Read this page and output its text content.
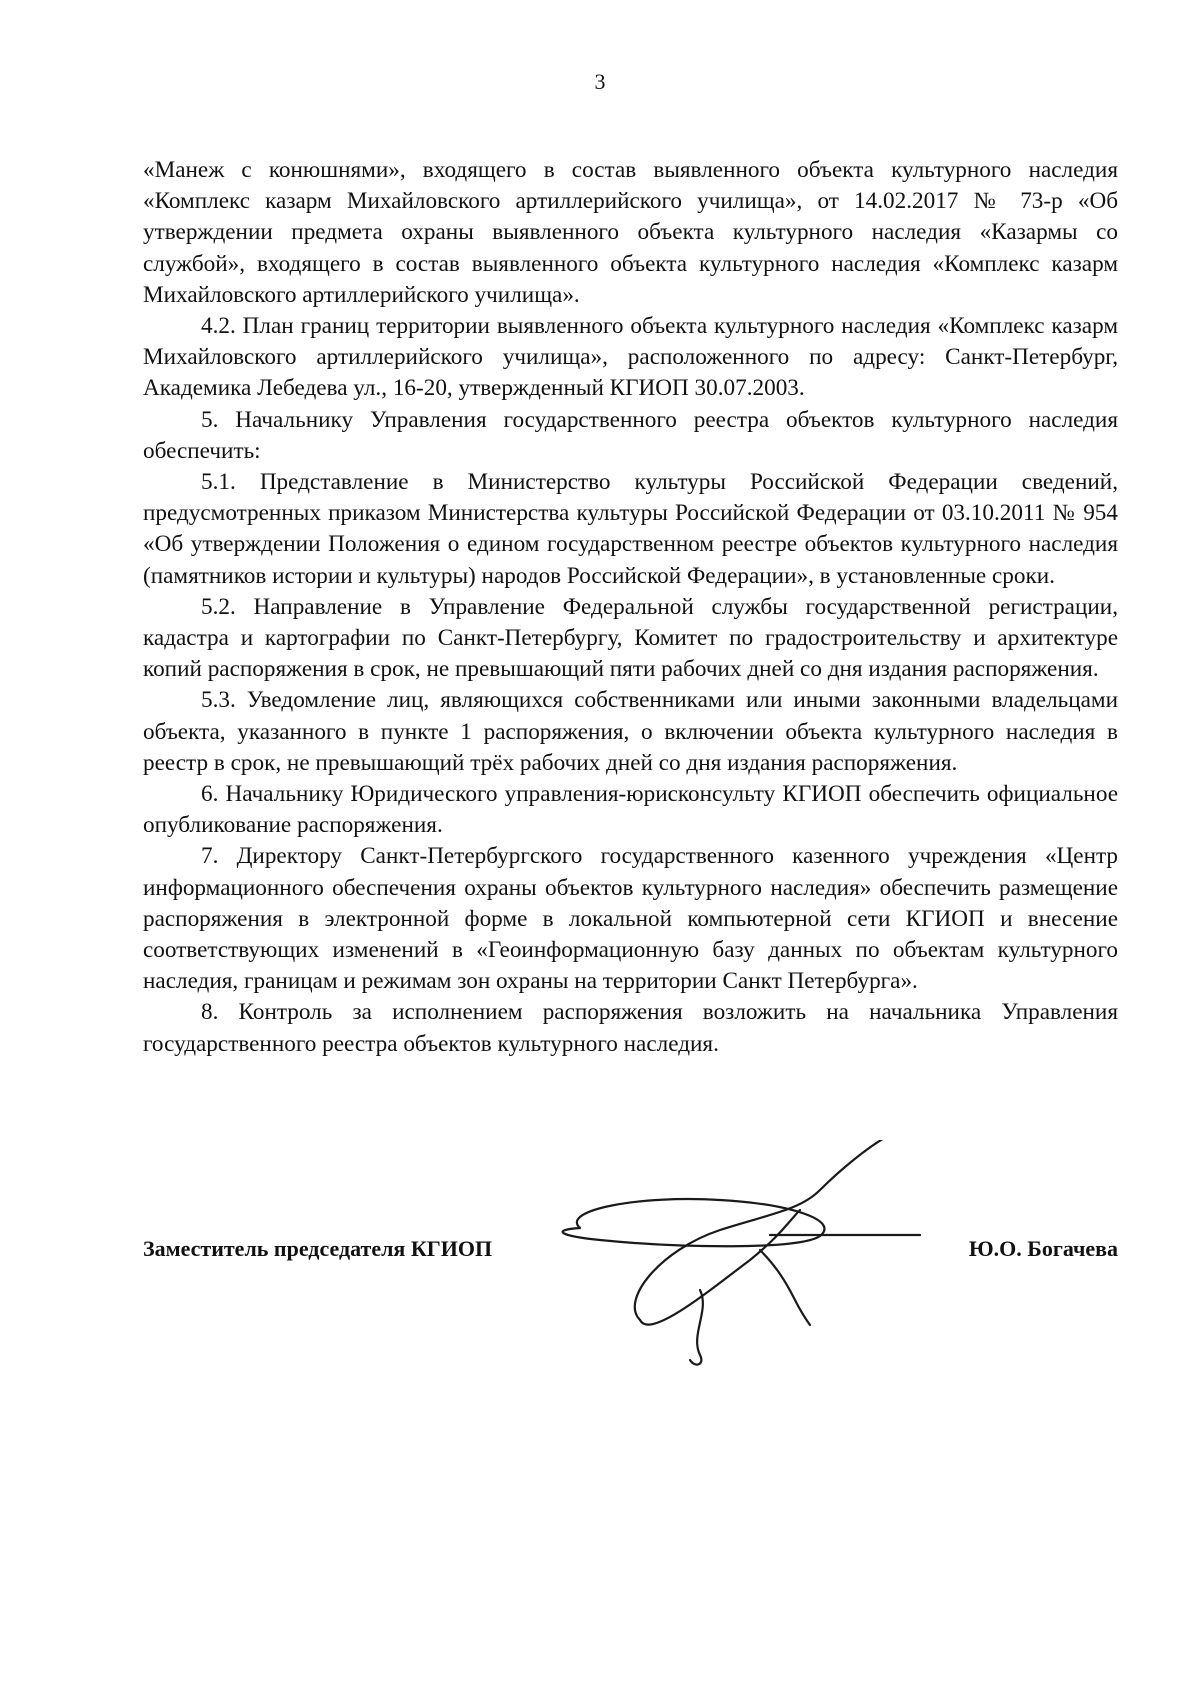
3

«Манеж с конюшнями», входящего в состав выявленного объекта культурного наследия «Комплекс казарм Михайловского артиллерийского училища», от 14.02.2017 № 73-р «Об утверждении предмета охраны выявленного объекта культурного наследия «Казармы со службой», входящего в состав выявленного объекта культурного наследия «Комплекс казарм Михайловского артиллерийского училища».

4.2. План границ территории выявленного объекта культурного наследия «Комплекс казарм Михайловского артиллерийского училища», расположенного по адресу: Санкт-Петербург, Академика Лебедева ул., 16-20, утвержденный КГИОП 30.07.2003.

5. Начальнику Управления государственного реестра объектов культурного наследия обеспечить:

5.1. Представление в Министерство культуры Российской Федерации сведений, предусмотренных приказом Министерства культуры Российской Федерации от 03.10.2011 № 954 «Об утверждении Положения о едином государственном реестре объектов культурного наследия (памятников истории и культуры) народов Российской Федерации», в установленные сроки.

5.2. Направление в Управление Федеральной службы государственной регистрации, кадастра и картографии по Санкт-Петербургу, Комитет по градостроительству и архитектуре копий распоряжения в срок, не превышающий пяти рабочих дней со дня издания распоряжения.

5.3. Уведомление лиц, являющихся собственниками или иными законными владельцами объекта, указанного в пункте 1 распоряжения, о включении объекта культурного наследия в реестр в срок, не превышающий трёх рабочих дней со дня издания распоряжения.

6. Начальнику Юридического управления-юрисконсульту КГИОП обеспечить официальное опубликование распоряжения.

7. Директору Санкт-Петербургского государственного казенного учреждения «Центр информационного обеспечения охраны объектов культурного наследия» обеспечить размещение распоряжения в электронной форме в локальной компьютерной сети КГИОП и внесение соответствующих изменений в «Геоинформационную базу данных по объектам культурного наследия, границам и режимам зон охраны на территории Санкт Петербурга».

8. Контроль за исполнением распоряжения возложить на начальника Управления государственного реестра объектов культурного наследия.

Заместитель председателя КГИОП	Ю.О. Богачева
